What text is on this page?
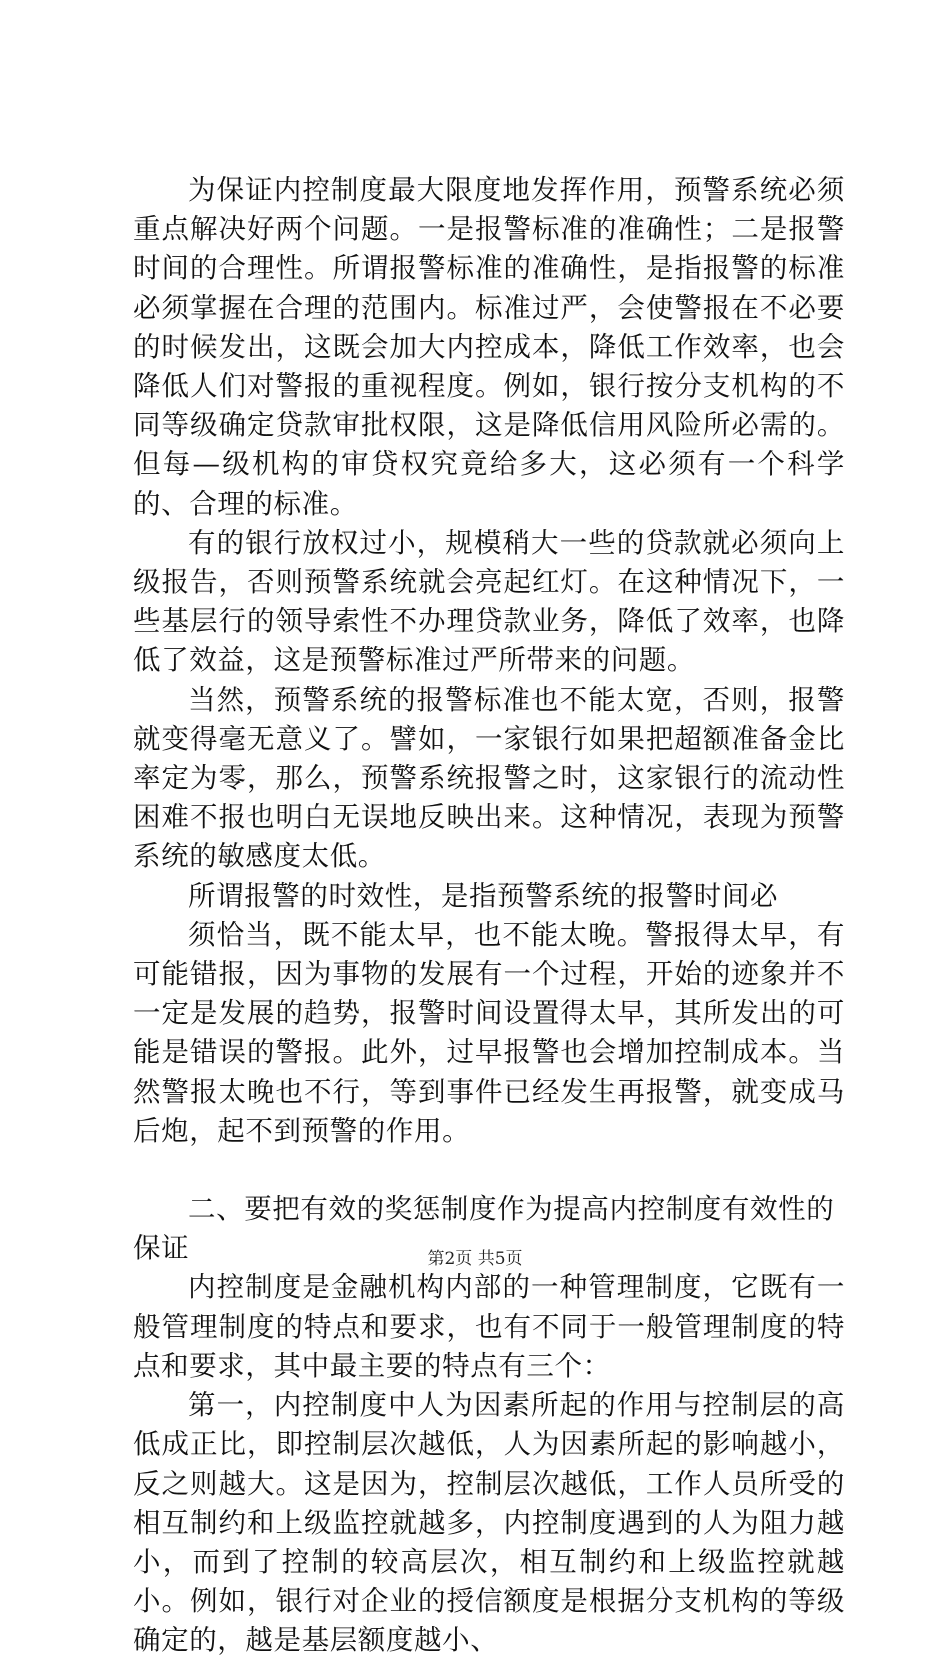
为保证内控制度最大限度地发挥作用，预警系统必须重点解决好两个问题。一是报警标准的准确性；二是报警时间的合理性。所谓报警标准的准确性，是指报警的标准必须掌握在合理的范围内。标准过严，会使警报在不必要的时候发出，这既会加大内控成本，降低工作效率，也会降低人们对警报的重视程度。例如，银行按分支机构的不同等级确定贷款审批权限，这是降低信用风险所必需的。但每—级机构的审贷权究竟给多大，这必须有一个科学的、合理的标准。

有的银行放权过小，规模稍大一些的贷款就必须向上级报告，否则预警系统就会亮起红灯。在这种情况下，一些基层行的领导索性不办理贷款业务，降低了效率，也降低了效益，这是预警标准过严所带来的问题。

当然，预警系统的报警标准也不能太宽，否则，报警就变得毫无意义了。譬如，一家银行如果把超额准备金比率定为零，那么，预警系统报警之时，这家银行的流动性困难不报也明白无误地反映出来。这种情况，表现为预警系统的敏感度太低。

所谓报警的时效性，是指预警系统的报警时间必

须恰当，既不能太早，也不能太晚。警报得太早，有可能错报，因为事物的发展有一个过程，开始的迹象并不一定是发展的趋势，报警时间设置得太早，其所发出的可能是错误的警报。此外，过早报警也会增加控制成本。当然警报太晚也不行，等到事件已经发生再报警，就变成马后炮，起不到预警的作用。

二、要把有效的奖惩制度作为提高内控制度有效性的保证

内控制度是金融机构内部的一种管理制度，它既有一般管理制度的特点和要求，也有不同于一般管理制度的特点和要求，其中最主要的特点有三个：

第一，内控制度中人为因素所起的作用与控制层的高低成正比，即控制层次越低，人为因素所起的影响越小，反之则越大。这是因为，控制层次越低，工作人员所受的相互制约和上级监控就越多，内控制度遇到的人为阻力越小，而到了控制的较高层次，相互制约和上级监控就越小。例如，银行对企业的授信额度是根据分支机构的等级确定的，越是基层额度越小、

第2页 共5页
